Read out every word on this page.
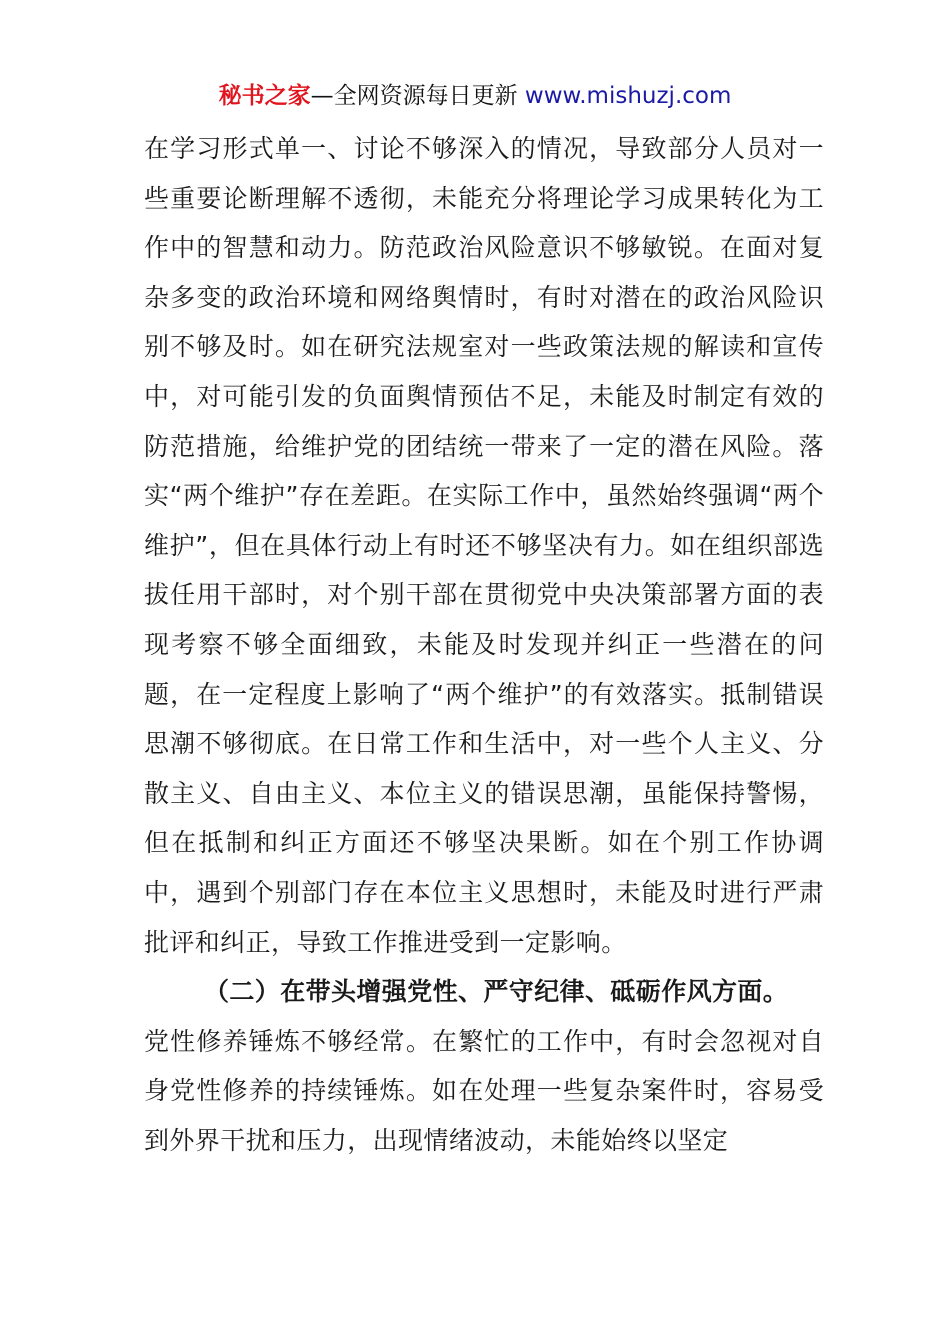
秘书之家—全网资源每日更新 www.mishuzj.com

在学习形式单一、讨论不够深入的情况，导致部分人员对一些重要论断理解不透彻，未能充分将理论学习成果转化为工作中的智慧和动力。防范政治风险意识不够敏锐。在面对复杂多变的政治环境和网络舆情时，有时对潜在的政治风险识别不够及时。如在研究法规室对一些政策法规的解读和宣传中，对可能引发的负面舆情预估不足，未能及时制定有效的防范措施，给维护党的团结统一带来了一定的潜在风险。落实“两个维护”存在差距。在实际工作中，虽然始终强调“两个维护”，但在具体行动上有时还不够坚决有力。如在组织部选拔任用干部时，对个别干部在贯彻党中央决策部署方面的表现考察不够全面细致，未能及时发现并纠正一些潜在的问题，在一定程度上影响了“两个维护”的有效落实。抵制错误思潮不够彻底。在日常工作和生活中，对一些个人主义、分散主义、自由主义、本位主义的错误思潮，虽能保持警惕，但在抵制和纠正方面还不够坚决果断。如在个别工作协调中，遇到个别部门存在本位主义思想时，未能及时进行严肃批评和纠正，导致工作推进受到一定影响。

（二）在带头增强党性、严守纪律、砥砺作风方面。

党性修养锤炼不够经常。在繁忙的工作中，有时会忽视对自身党性修养的持续锤炼。如在处理一些复杂案件时，容易受到外界干扰和压力，出现情绪波动，未能始终以坚定
